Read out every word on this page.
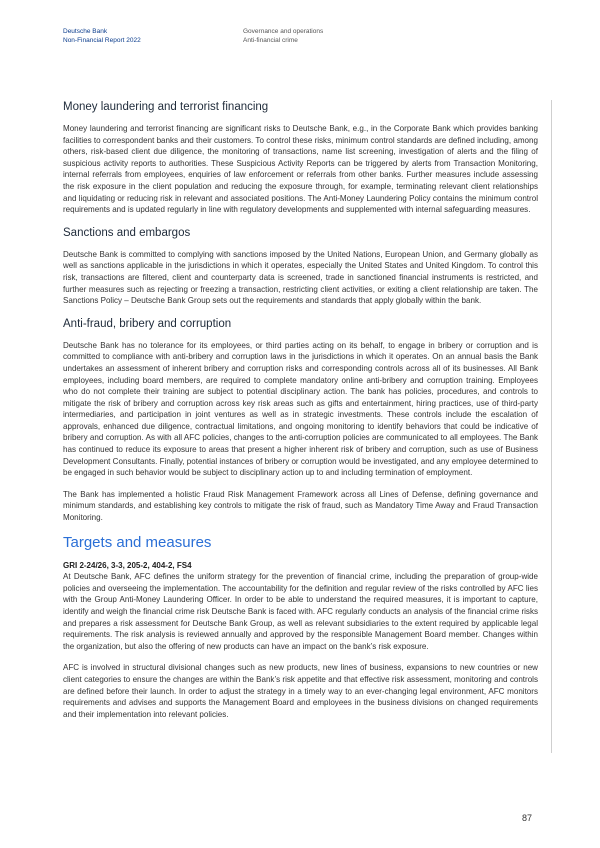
Deutsche Bank
Non-Financial Report 2022
Governance and operations
Anti-financial crime
Money laundering and terrorist financing

Money laundering and terrorist financing are significant risks to Deutsche Bank, e.g., in the Corporate Bank which provides banking facilities to correspondent banks and their customers. To control these risks, minimum control standards are defined including, among others, risk-based client due diligence, the monitoring of transactions, name list screening, investigation of alerts and the filing of suspicious activity reports to authorities. These Suspicious Activity Reports can be triggered by alerts from Transaction Monitoring, internal referrals from employees, enquiries of law enforcement or referrals from other banks. Further measures include assessing the risk exposure in the client population and reducing the exposure through, for example, terminating relevant client relationships and liquidating or reducing risk in relevant and associated positions. The Anti-Money Laundering Policy contains the minimum control requirements and is updated regularly in line with regulatory developments and supplemented with internal safeguarding measures.

Sanctions and embargos

Deutsche Bank is committed to complying with sanctions imposed by the United Nations, European Union, and Germany globally as well as sanctions applicable in the jurisdictions in which it operates, especially the United States and United Kingdom. To control this risk, transactions are filtered, client and counterparty data is screened, trade in sanctioned financial instruments is restricted, and further measures such as rejecting or freezing a transaction, restricting client activities, or exiting a client relationship are taken. The Sanctions Policy – Deutsche Bank Group sets out the requirements and standards that apply globally within the bank.

Anti-fraud, bribery and corruption

Deutsche Bank has no tolerance for its employees, or third parties acting on its behalf, to engage in bribery or corruption and is committed to compliance with anti-bribery and corruption laws in the jurisdictions in which it operates. On an annual basis the Bank undertakes an assessment of inherent bribery and corruption risks and corresponding controls across all of its businesses. All Bank employees, including board members, are required to complete mandatory online anti-bribery and corruption training. Employees who do not complete their training are subject to potential disciplinary action. The bank has policies, procedures, and controls to mitigate the risk of bribery and corruption across key risk areas such as gifts and entertainment, hiring practices, use of third-party intermediaries, and participation in joint ventures as well as in strategic investments. These controls include the escalation of approvals, enhanced due diligence, contractual limitations, and ongoing monitoring to identify behaviors that could be indicative of bribery and corruption. As with all AFC policies, changes to the anti-corruption policies are communicated to all employees. The Bank has continued to reduce its exposure to areas that present a higher inherent risk of bribery and corruption, such as use of Business Development Consultants. Finally, potential instances of bribery or corruption would be investigated, and any employee determined to be engaged in such behavior would be subject to disciplinary action up to and including termination of employment.

The Bank has implemented a holistic Fraud Risk Management Framework across all Lines of Defense, defining governance and minimum standards, and establishing key controls to mitigate the risk of fraud, such as Mandatory Time Away and Fraud Transaction Monitoring.

Targets and measures
GRI 2-24/26, 3-3, 205-2, 404-2, FS4

At Deutsche Bank, AFC defines the uniform strategy for the prevention of financial crime, including the preparation of group-wide policies and overseeing the implementation. The accountability for the definition and regular review of the risks controlled by AFC lies with the Group Anti-Money Laundering Officer. In order to be able to understand the required measures, it is important to capture, identify and weigh the financial crime risk Deutsche Bank is faced with. AFC regularly conducts an analysis of the financial crime risks and prepares a risk assessment for Deutsche Bank Group, as well as relevant subsidiaries to the extent required by applicable legal requirements. The risk analysis is reviewed annually and approved by the responsible Management Board member. Changes within the organization, but also the offering of new products can have an impact on the bank’s risk exposure.

AFC is involved in structural divisional changes such as new products, new lines of business, expansions to new countries or new client categories to ensure the changes are within the Bank’s risk appetite and that effective risk assessment, monitoring and controls are defined before their launch. In order to adjust the strategy in a timely way to an ever-changing legal environment, AFC monitors requirements and advises and supports the Management Board and employees in the business divisions on changed requirements and their implementation into relevant policies.

87
